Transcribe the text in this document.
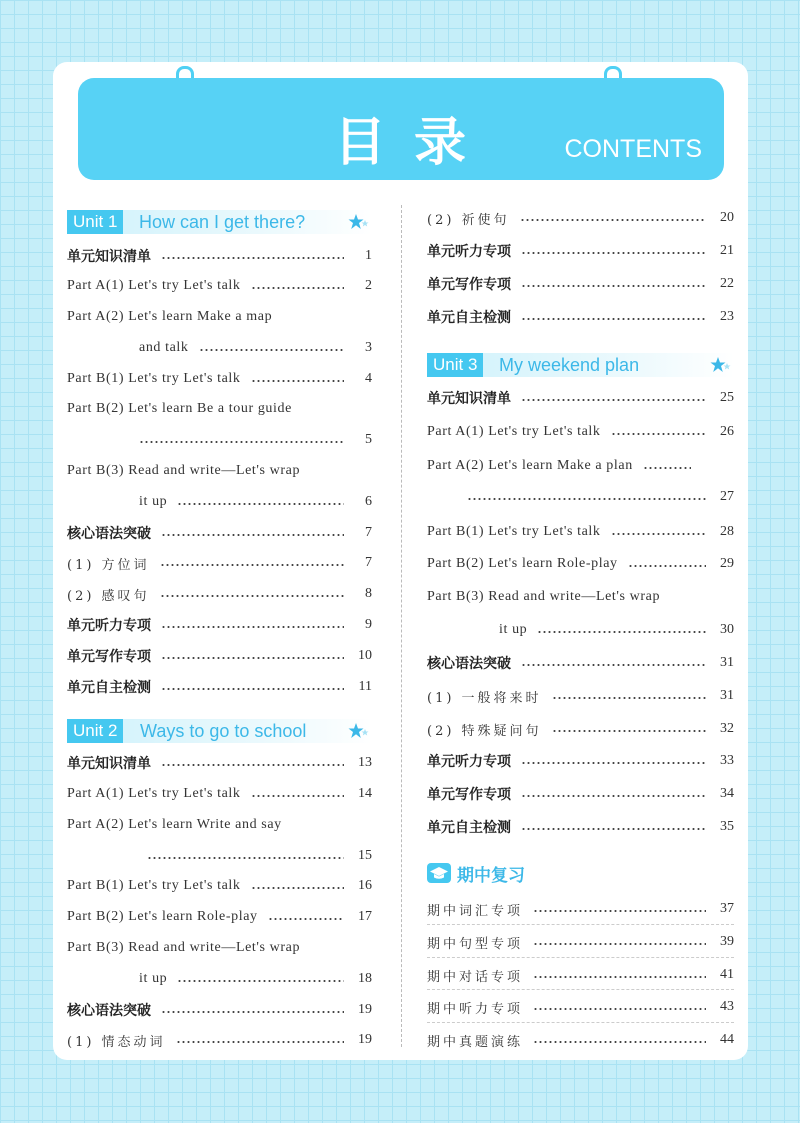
目录	CONTENTS
Unit 1	How can I get there?
单元知识清单	1
Part A(1) Let's try Let's talk	2
Part A(2) Let's learn Make a map
and talk	3
Part B(1) Let's try Let's talk	4
Part B(2) Let's learn Be a tour guide
5
Part B(3) Read and write—Let's wrap
it up	6
核心语法突破	7
(1) 方位词	7
(2) 感叹句	8
单元听力专项	9
单元写作专项	10
单元自主检测	11
Unit 2	Ways to go to school
单元知识清单	13
Part A(1) Let's try Let's talk	14
Part A(2) Let's learn Write and say
15
Part B(1) Let's try Let's talk	16
Part B(2) Let's learn Role-play	17
Part B(3) Read and write—Let's wrap
it up	18
核心语法突破	19
(1) 情态动词	19
(2) 祈使句	20
单元听力专项	21
单元写作专项	22
单元自主检测	23
Unit 3	My weekend plan
单元知识清单	25
Part A(1) Let's try Let's talk	26
Part A(2) Let's learn Make a plan
27
Part B(1) Let's try Let's talk	28
Part B(2) Let's learn Role-play	29
Part B(3) Read and write—Let's wrap
it up	30
核心语法突破	31
(1) 一般将来时	31
(2) 特殊疑问句	32
单元听力专项	33
单元写作专项	34
单元自主检测	35
期中复习
期中词汇专项	37
期中句型专项	39
期中对话专项	41
期中听力专项	43
期中真题演练	44
